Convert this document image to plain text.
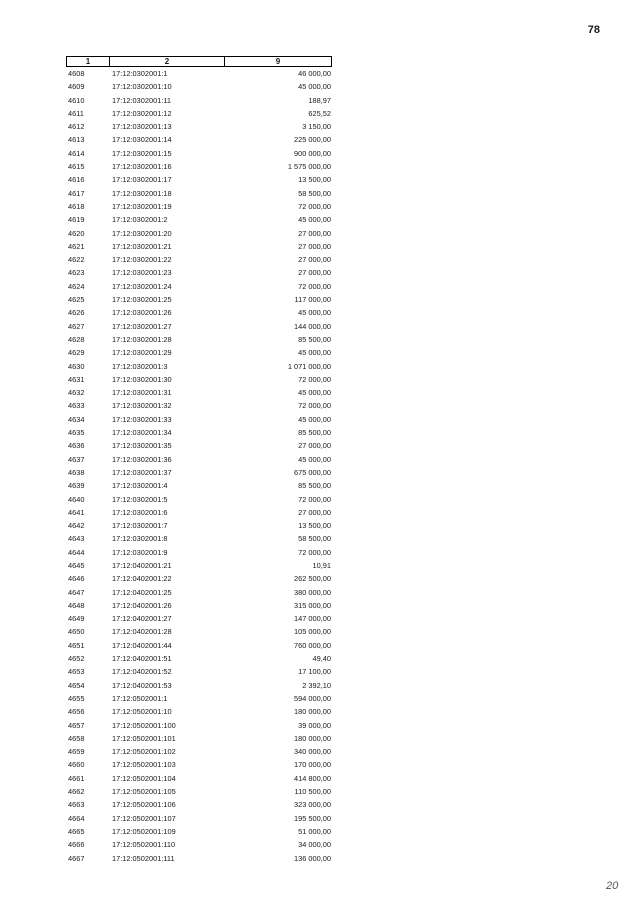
78
1	2	9
4608	17:12:0302001:1	46 000,00
4609	17:12:0302001:10	45 000,00
4610	17:12:0302001:11	188,97
4611	17:12:0302001:12	625,52
4612	17:12:0302001:13	3 150,00
4613	17:12:0302001:14	225 000,00
4614	17:12:0302001:15	900 000,00
4615	17:12:0302001:16	1 575 000,00
4616	17:12:0302001:17	13 500,00
4617	17:12:0302001:18	58 500,00
4618	17:12:0302001:19	72 000,00
4619	17:12:0302001:2	45 000,00
4620	17:12:0302001:20	27 000,00
4621	17:12:0302001:21	27 000,00
4622	17:12:0302001:22	27 000,00
4623	17:12:0302001:23	27 000,00
4624	17:12:0302001:24	72 000,00
4625	17:12:0302001:25	117 000,00
4626	17:12:0302001:26	45 000,00
4627	17:12:0302001:27	144 000,00
4628	17:12:0302001:28	85 500,00
4629	17:12:0302001:29	45 000,00
4630	17:12:0302001:3	1 071 000,00
4631	17:12:0302001:30	72 000,00
4632	17:12:0302001:31	45 000,00
4633	17:12:0302001:32	72 000,00
4634	17:12:0302001:33	45 000,00
4635	17:12:0302001:34	85 500,00
4636	17:12:0302001:35	27 000,00
4637	17:12:0302001:36	45 000,00
4638	17:12:0302001:37	675 000,00
4639	17:12:0302001:4	85 500,00
4640	17:12:0302001:5	72 000,00
4641	17:12:0302001:6	27 000,00
4642	17:12:0302001:7	13 500,00
4643	17:12:0302001:8	58 500,00
4644	17:12:0302001:9	72 000,00
4645	17:12:0402001:21	10,91
4646	17:12:0402001:22	262 500,00
4647	17:12:0402001:25	380 000,00
4648	17:12:0402001:26	315 000,00
4649	17:12:0402001:27	147 000,00
4650	17:12:0402001:28	105 000,00
4651	17:12:0402001:44	760 000,00
4652	17:12:0402001:51	49,40
4653	17:12:0402001:52	17 100,00
4654	17:12:0402001:53	2 392,10
4655	17:12:0502001:1	594 000,00
4656	17:12:0502001:10	180 000,00
4657	17:12:0502001:100	39 000,00
4658	17:12:0502001:101	180 000,00
4659	17:12:0502001:102	340 000,00
4660	17:12:0502001:103	170 000,00
4661	17:12:0502001:104	414 800,00
4662	17:12:0502001:105	110 500,00
4663	17:12:0502001:106	323 000,00
4664	17:12:0502001:107	195 500,00
4665	17:12:0502001:109	51 000,00
4666	17:12:0502001:110	34 000,00
4667	17:12:0502001:111	136 000,00
20
